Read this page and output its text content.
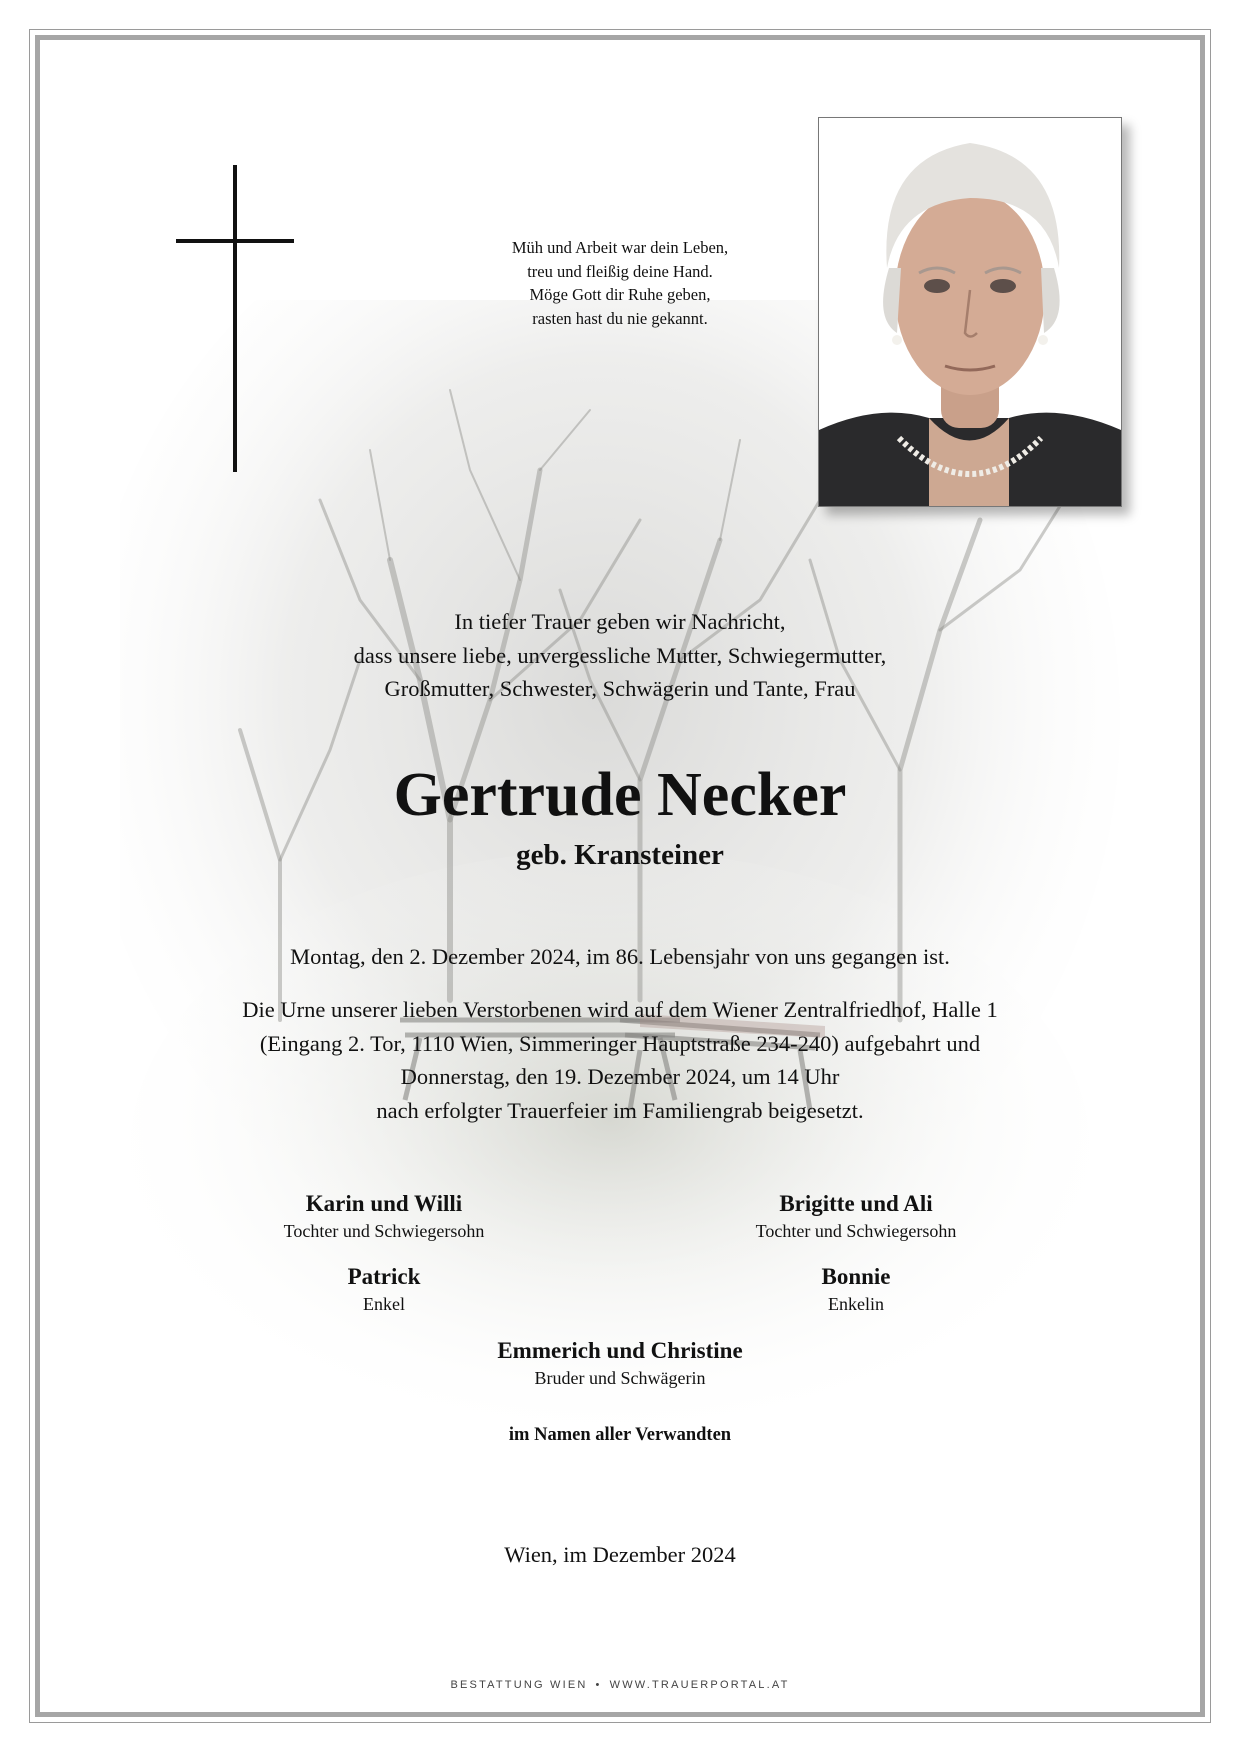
Müh und Arbeit war dein Leben,
treu und fleißig deine Hand.
Möge Gott dir Ruhe geben,
rasten hast du nie gekannt.
In tiefer Trauer geben wir Nachricht,
dass unsere liebe, unvergessliche Mutter, Schwiegermutter,
Großmutter, Schwester, Schwägerin und Tante, Frau
Gertrude Necker
geb. Kransteiner
Montag, den 2. Dezember 2024, im 86. Lebensjahr von uns gegangen ist.
Die Urne unserer lieben Verstorbenen wird auf dem Wiener Zentralfriedhof, Halle 1
(Eingang 2. Tor, 1110 Wien, Simmeringer Hauptstraße 234-240) aufgebahrt und
Donnerstag, den 19. Dezember 2024, um 14 Uhr
nach erfolgter Trauerfeier im Familiengrab beigesetzt.
Karin und Willi
Tochter und Schwiegersohn
Brigitte und Ali
Tochter und Schwiegersohn
Patrick
Enkel
Bonnie
Enkelin
Emmerich und Christine
Bruder und Schwägerin
im Namen aller Verwandten
Wien, im Dezember 2024
BESTATTUNG WIEN • WWW.TRAUERPORTAL.AT
